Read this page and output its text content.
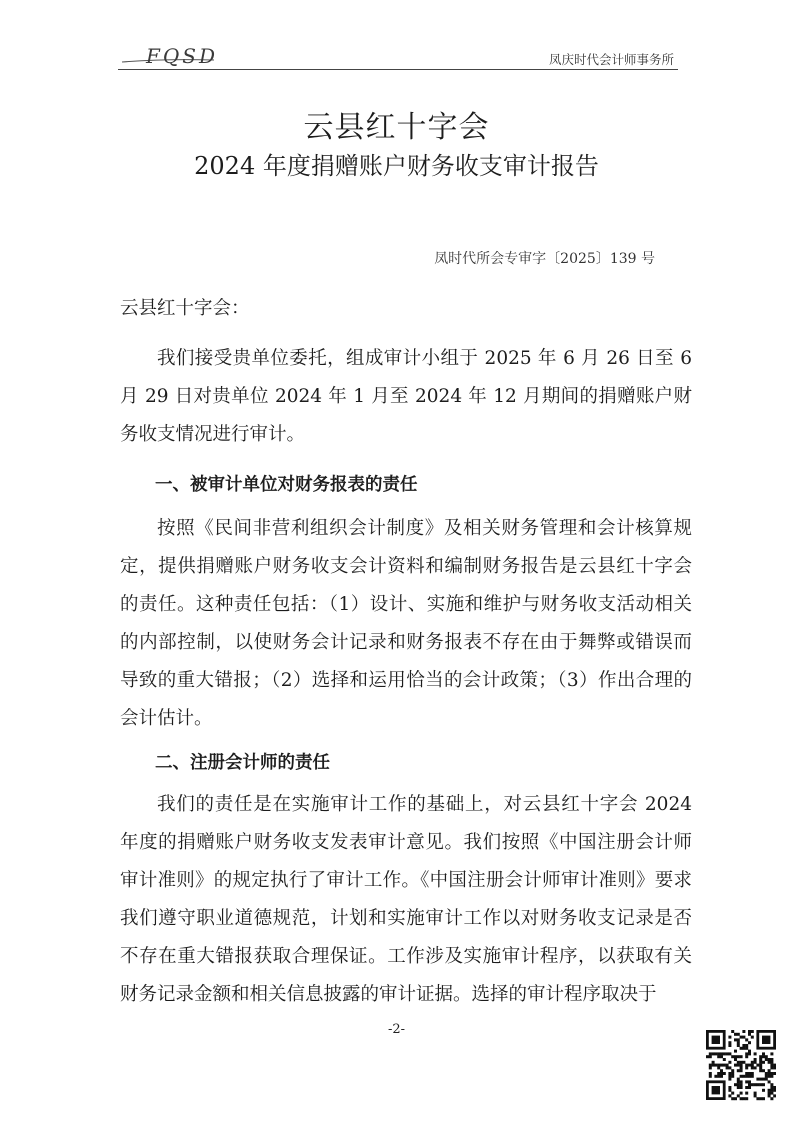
FQSD	凤庆时代会计师事务所
云县红十字会
2024 年度捐赠账户财务收支审计报告
凤时代所会专审字〔2025〕139 号

云县红十字会：

我们接受贵单位委托，组成审计小组于 2025 年 6 月 26 日至 6 月 29 日对贵单位 2024 年 1 月至 2024 年 12 月期间的捐赠账户财务收支情况进行审计。

一、被审计单位对财务报表的责任

按照《民间非营利组织会计制度》及相关财务管理和会计核算规定，提供捐赠账户财务收支会计资料和编制财务报告是云县红十字会的责任。这种责任包括：（1）设计、实施和维护与财务收支活动相关的内部控制，以使财务会计记录和财务报表不存在由于舞弊或错误而导致的重大错报；（2）选择和运用恰当的会计政策；（3）作出合理的会计估计。

二、注册会计师的责任

我们的责任是在实施审计工作的基础上，对云县红十字会 2024 年度的捐赠账户财务收支发表审计意见。我们按照《中国注册会计师审计准则》的规定执行了审计工作。《中国注册会计师审计准则》要求我们遵守职业道德规范，计划和实施审计工作以对财务收支记录是否不存在重大错报获取合理保证。工作涉及实施审计程序，以获取有关财务记录金额和相关信息披露的审计证据。选择的审计程序取决于

-2-
